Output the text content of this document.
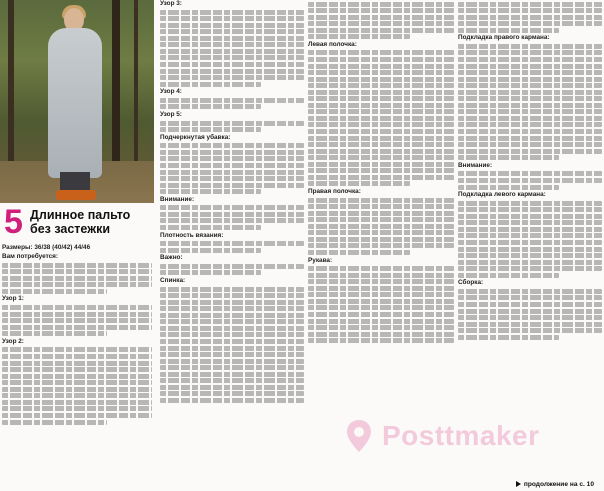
5 Длинное пальто
без застежки

Размеры: 36/38 (40/42) 44/46

Вам потребуется:

Узор 1:

Узор 2:

Узор 3:

Узор 4:

Узор 5:

Подчеркнутая убавка:

Внимание:

Плотность вязания:

Важно:

Спинка:

Левая полочка:

Правая полочка:

Рукава:

Подкладка правого кармана:

Внимание:

Подкладка левого кармана:

Сборка:

Posttmaker
продолжение на с. 10
